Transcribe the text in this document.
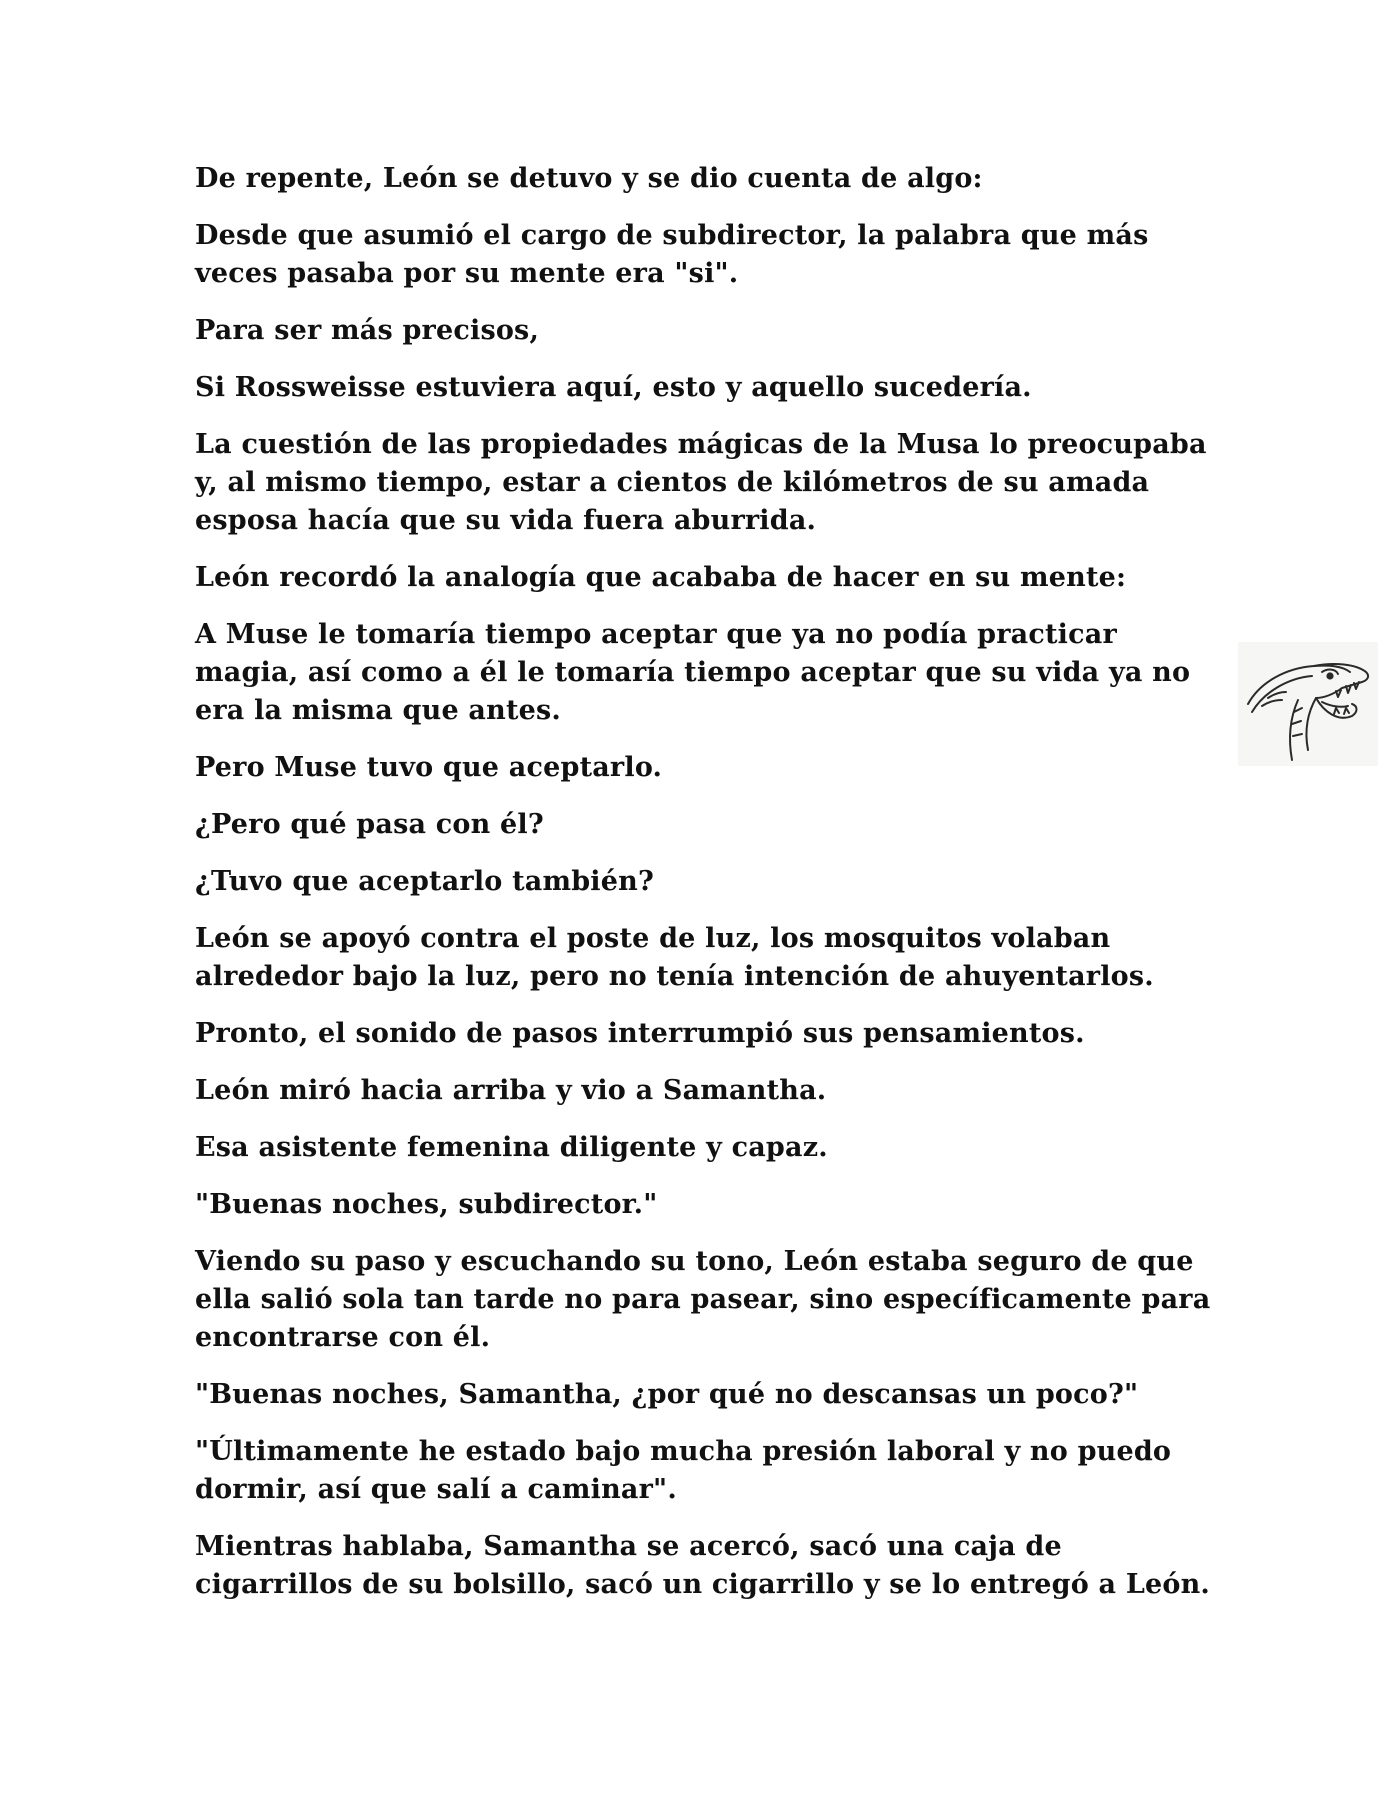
De repente, León se detuvo y se dio cuenta de algo:

Desde que asumió el cargo de subdirector, la palabra que más veces pasaba por su mente era "si".

Para ser más precisos,

Si Rossweisse estuviera aquí, esto y aquello sucedería.

La cuestión de las propiedades mágicas de la Musa lo preocupaba y, al mismo tiempo, estar a cientos de kilómetros de su amada esposa hacía que su vida fuera aburrida.

León recordó la analogía que acababa de hacer en su mente:

A Muse le tomaría tiempo aceptar que ya no podía practicar magia, así como a él le tomaría tiempo aceptar que su vida ya no era la misma que antes.

Pero Muse tuvo que aceptarlo.

¿Pero qué pasa con él?

¿Tuvo que aceptarlo también?

León se apoyó contra el poste de luz, los mosquitos volaban alrededor bajo la luz, pero no tenía intención de ahuyentarlos.

Pronto, el sonido de pasos interrumpió sus pensamientos.

León miró hacia arriba y vio a Samantha.

Esa asistente femenina diligente y capaz.

"Buenas noches, subdirector."

Viendo su paso y escuchando su tono, León estaba seguro de que ella salió sola tan tarde no para pasear, sino específicamente para encontrarse con él.

"Buenas noches, Samantha, ¿por qué no descansas un poco?"

"Últimamente he estado bajo mucha presión laboral y no puedo dormir, así que salí a caminar".

Mientras hablaba, Samantha se acercó, sacó una caja de cigarrillos de su bolsillo, sacó un cigarrillo y se lo entregó a León.
